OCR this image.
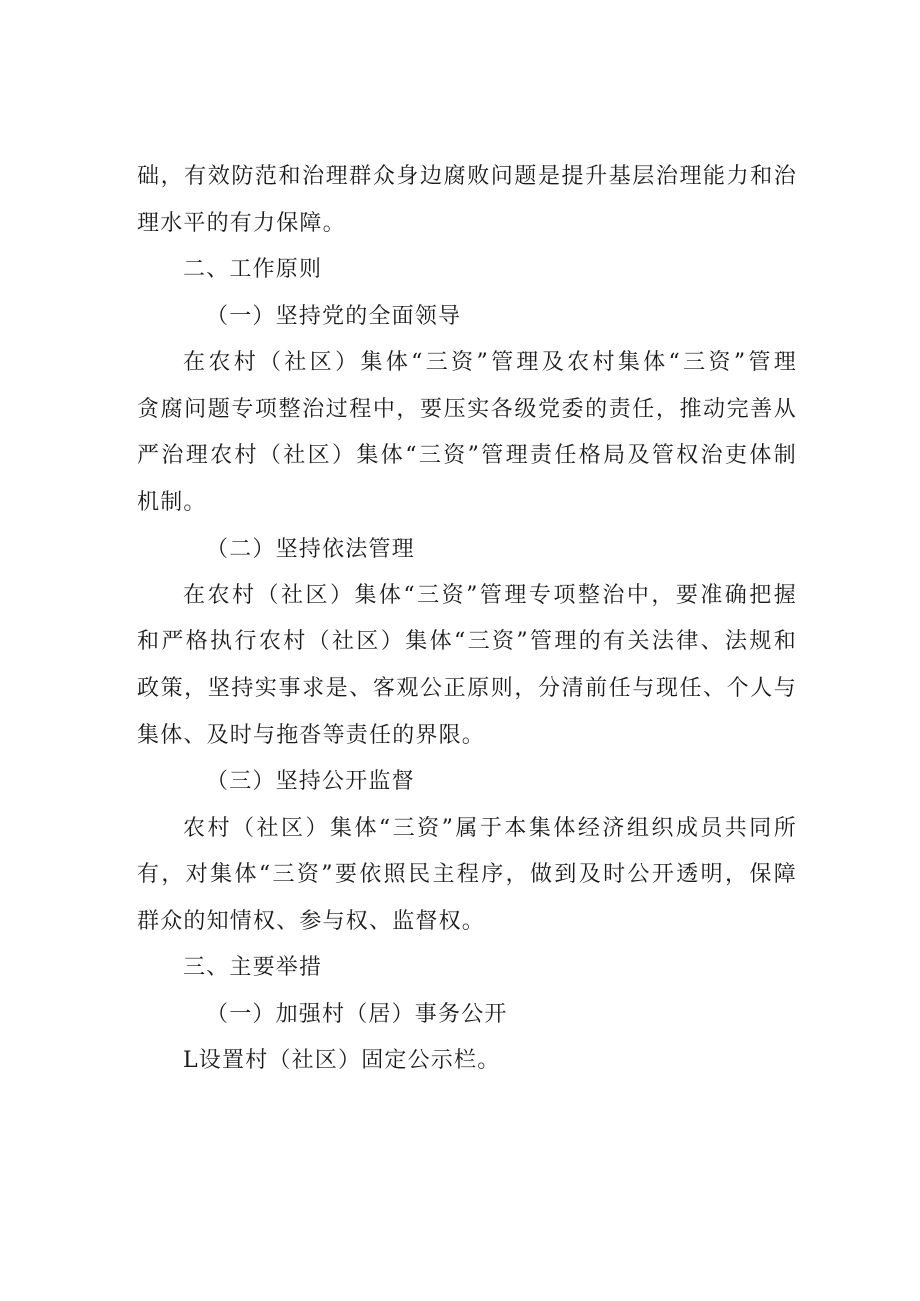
础，有效防范和治理群众身边腐败问题是提升基层治理能力和治
理水平的有力保障。
二、工作原则
（一）坚持党的全面领导
在农村（社区）集体“三资”管理及农村集体“三资”管理
贪腐问题专项整治过程中，要压实各级党委的责任，推动完善从
严治理农村（社区）集体“三资”管理责任格局及管权治吏体制
机制。
（二）坚持依法管理
在农村（社区）集体“三资”管理专项整治中，要准确把握
和严格执行农村（社区）集体“三资”管理的有关法律、法规和
政策，坚持实事求是、客观公正原则，分清前任与现任、个人与
集体、及时与拖沓等责任的界限。
（三）坚持公开监督
农村（社区）集体“三资”属于本集体经济组织成员共同所
有，对集体“三资”要依照民主程序，做到及时公开透明，保障
群众的知情权、参与权、监督权。
三、主要举措
（一）加强村（居）事务公开
L设置村（社区）固定公示栏。
